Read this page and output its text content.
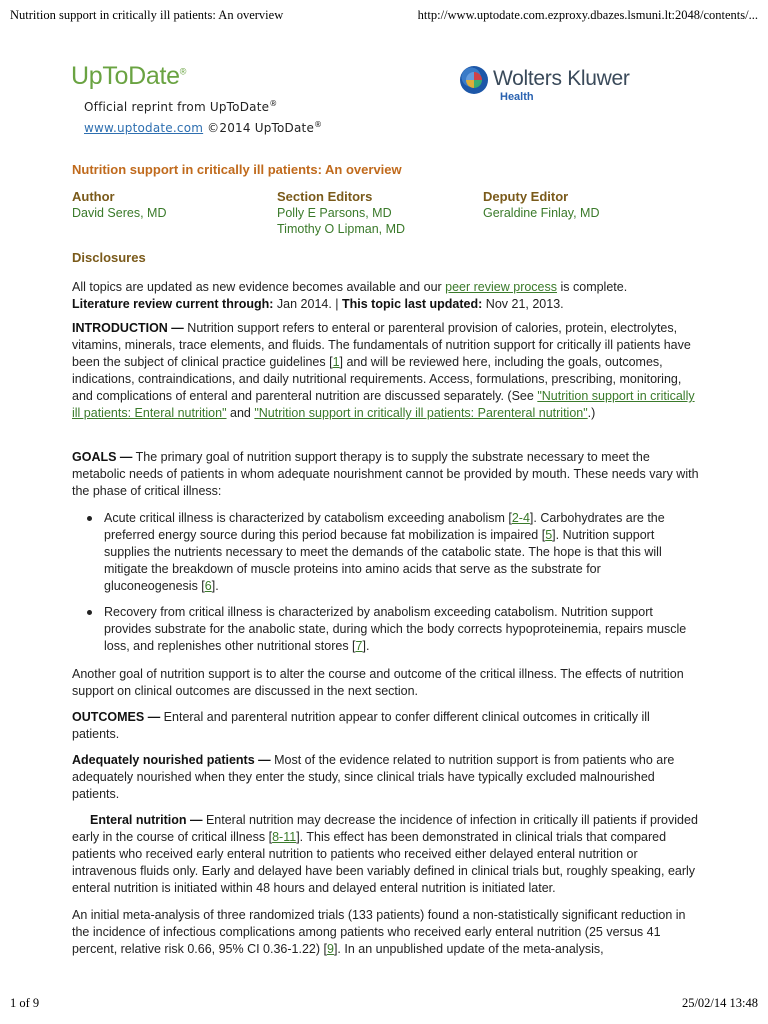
Nutrition support in critically ill patients: An overview	http://www.uptodate.com.ezproxy.dbazes.lsmuni.lt:2048/contents/...
UpToDate®
Official reprint from UpToDate®
www.uptodate.com ©2014 UpToDate®
Wolters Kluwer
Health
Nutrition support in critically ill patients: An overview
Author
David Seres, MD
Section Editors
Polly E Parsons, MD
Timothy O Lipman, MD
Deputy Editor
Geraldine Finlay, MD
Disclosures

All topics are updated as new evidence becomes available and our peer review process is complete.

Literature review current through: Jan 2014. | This topic last updated: Nov 21, 2013.

INTRODUCTION — Nutrition support refers to enteral or parenteral provision of calories, protein, electrolytes, vitamins, minerals, trace elements, and fluids. The fundamentals of nutrition support for critically ill patients have been the subject of clinical practice guidelines [1] and will be reviewed here, including the goals, outcomes, indications, contraindications, and daily nutritional requirements. Access, formulations, prescribing, monitoring, and complications of enteral and parenteral nutrition are discussed separately. (See "Nutrition support in critically ill patients: Enteral nutrition" and "Nutrition support in critically ill patients: Parenteral nutrition".)

GOALS — The primary goal of nutrition support therapy is to supply the substrate necessary to meet the metabolic needs of patients in whom adequate nourishment cannot be provided by mouth. These needs vary with the phase of critical illness:

Acute critical illness is characterized by catabolism exceeding anabolism [2-4]. Carbohydrates are the preferred energy source during this period because fat mobilization is impaired [5]. Nutrition support supplies the nutrients necessary to meet the demands of the catabolic state. The hope is that this will mitigate the breakdown of muscle proteins into amino acids that serve as the substrate for gluconeogenesis [6].

Recovery from critical illness is characterized by anabolism exceeding catabolism. Nutrition support provides substrate for the anabolic state, during which the body corrects hypoproteinemia, repairs muscle loss, and replenishes other nutritional stores [7].

Another goal of nutrition support is to alter the course and outcome of the critical illness. The effects of nutrition support on clinical outcomes are discussed in the next section.

OUTCOMES — Enteral and parenteral nutrition appear to confer different clinical outcomes in critically ill patients.

Adequately nourished patients — Most of the evidence related to nutrition support is from patients who are adequately nourished when they enter the study, since clinical trials have typically excluded malnourished patients.

Enteral nutrition — Enteral nutrition may decrease the incidence of infection in critically ill patients if provided early in the course of critical illness [8-11]. This effect has been demonstrated in clinical trials that compared patients who received early enteral nutrition to patients who received either delayed enteral nutrition or intravenous fluids only. Early and delayed have been variably defined in clinical trials but, roughly speaking, early enteral nutrition is initiated within 48 hours and delayed enteral nutrition is initiated later.

An initial meta-analysis of three randomized trials (133 patients) found a non-statistically significant reduction in the incidence of infectious complications among patients who received early enteral nutrition (25 versus 41 percent, relative risk 0.66, 95% CI 0.36-1.22) [9]. In an unpublished update of the meta-analysis,

1 of 9	25/02/14 13:48
